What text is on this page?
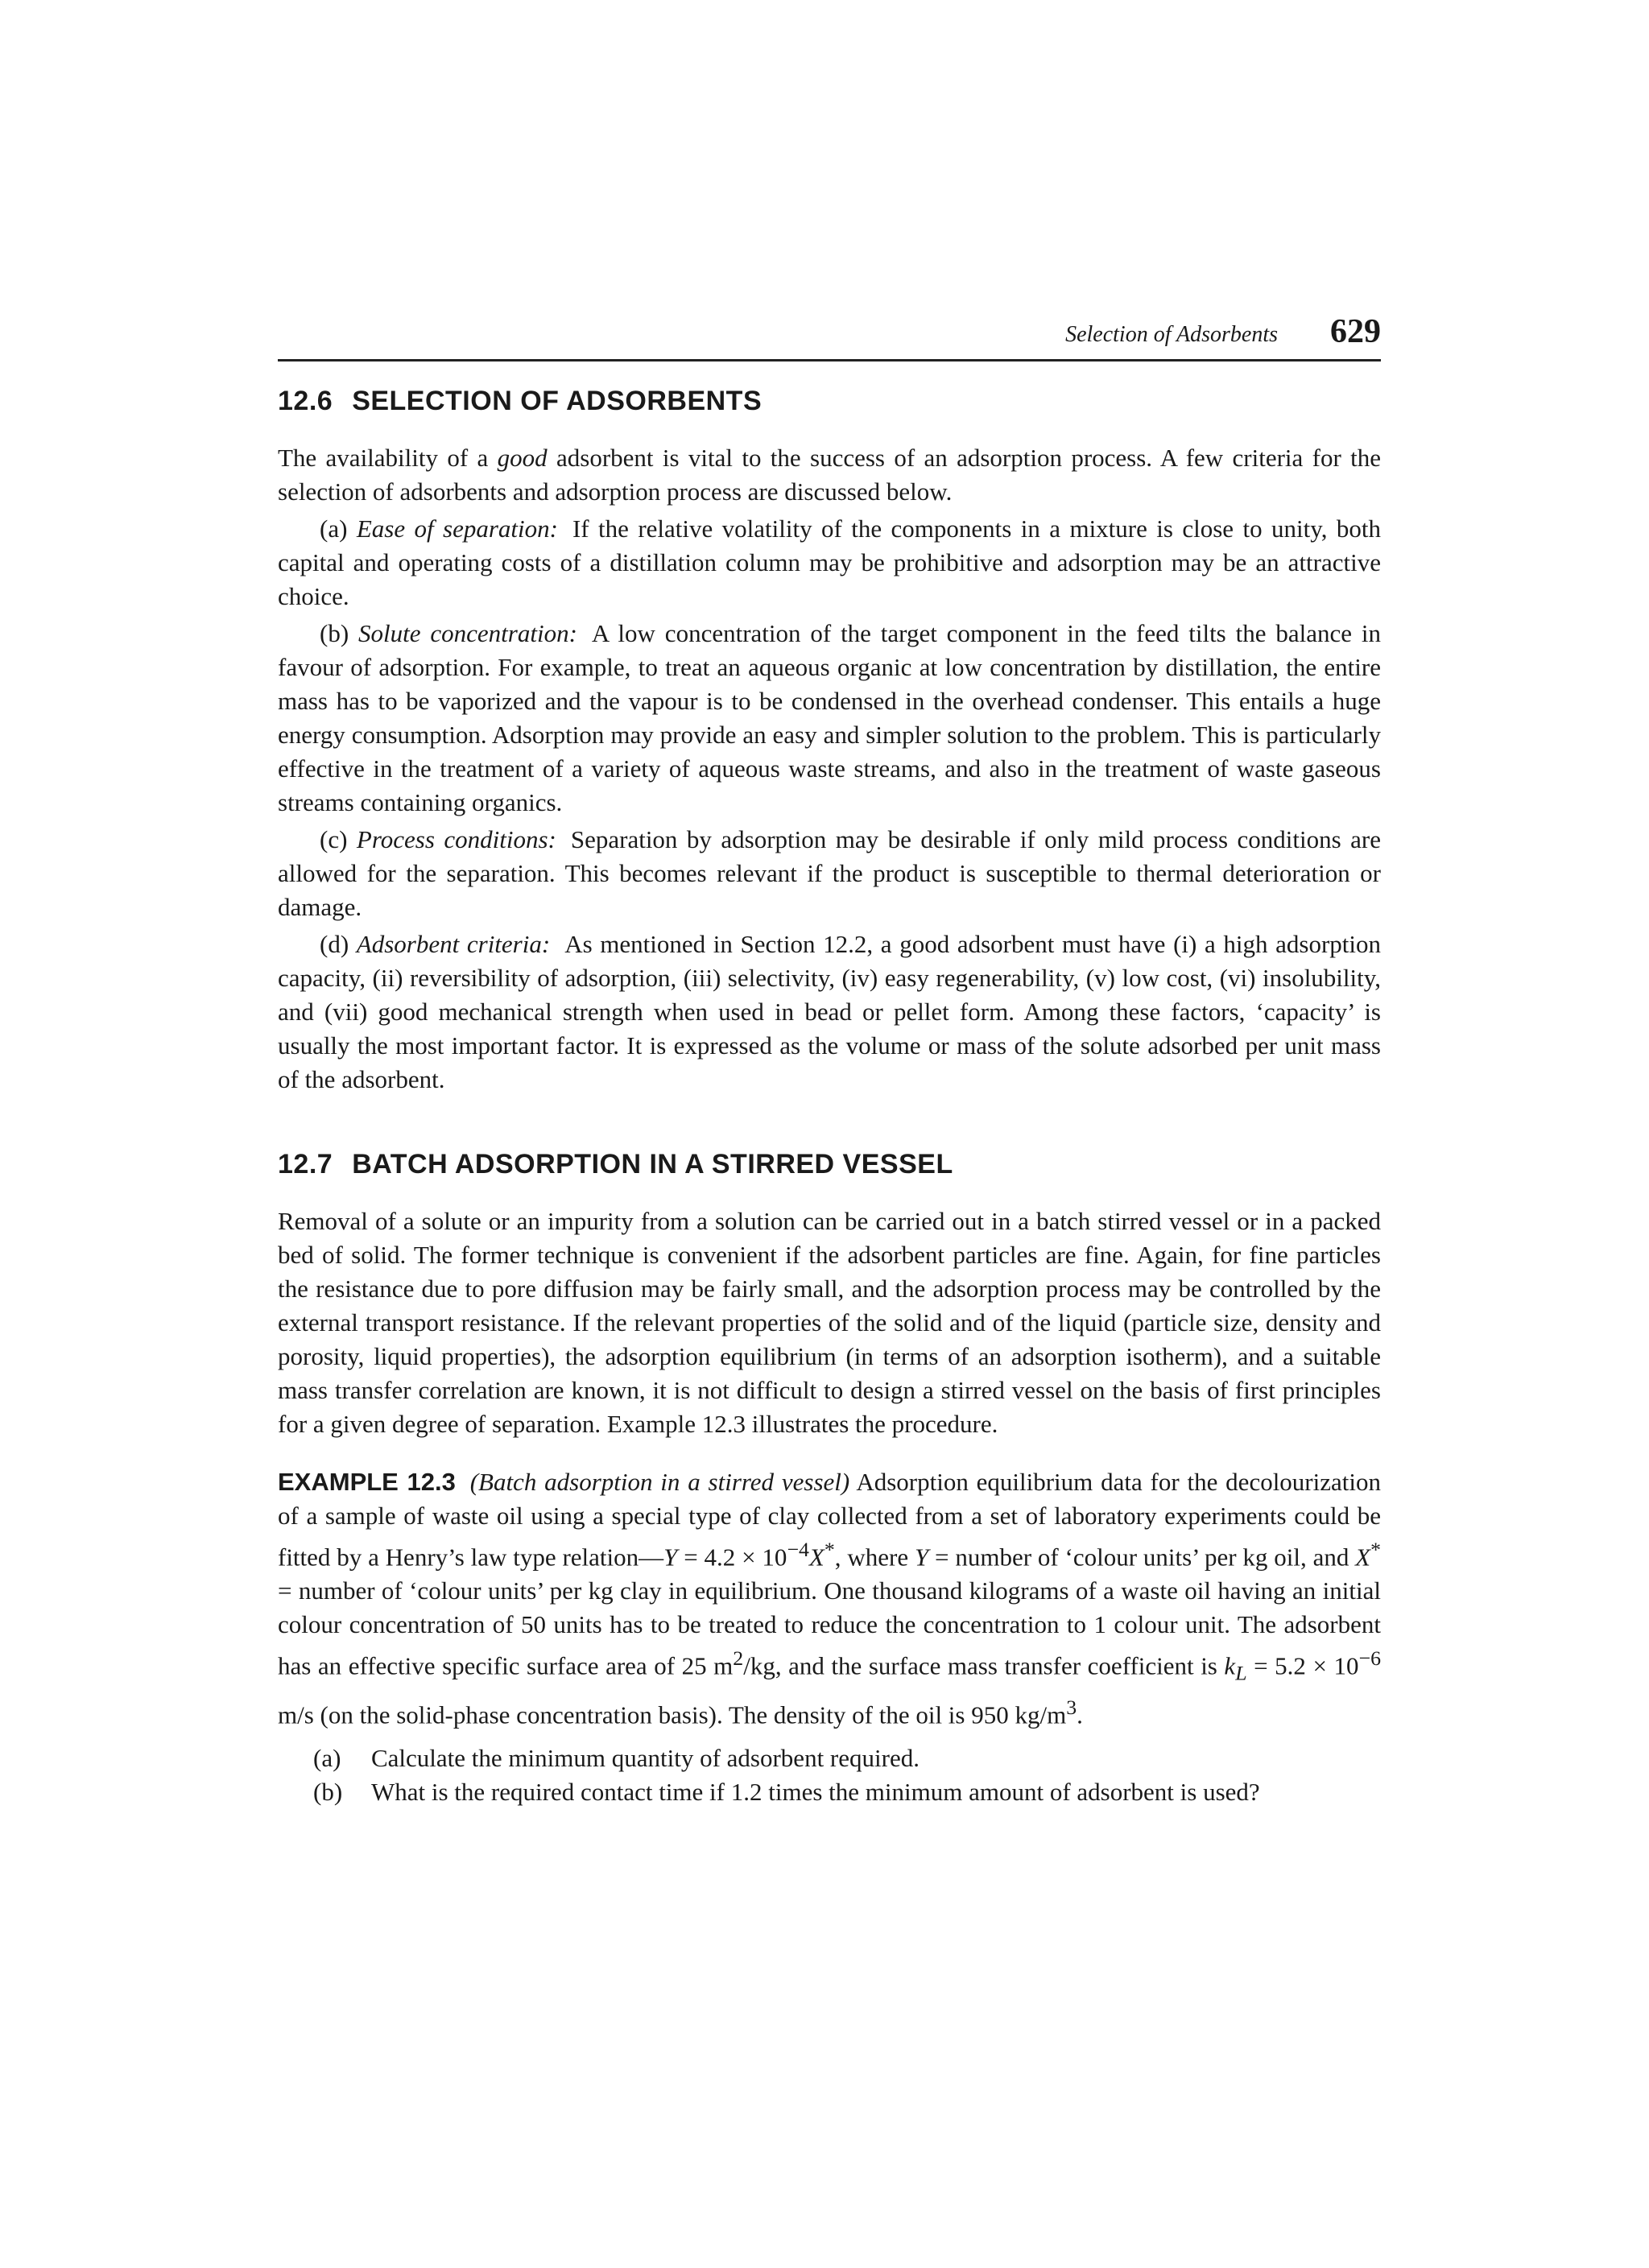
Selection of Adsorbents 629
12.6 SELECTION OF ADSORBENTS

The availability of a good adsorbent is vital to the success of an adsorption process. A few criteria for the selection of adsorbents and adsorption process are discussed below.

(a) Ease of separation: If the relative volatility of the components in a mixture is close to unity, both capital and operating costs of a distillation column may be prohibitive and adsorption may be an attractive choice.

(b) Solute concentration: A low concentration of the target component in the feed tilts the balance in favour of adsorption. For example, to treat an aqueous organic at low concentration by distillation, the entire mass has to be vaporized and the vapour is to be condensed in the overhead condenser. This entails a huge energy consumption. Adsorption may provide an easy and simpler solution to the problem. This is particularly effective in the treatment of a variety of aqueous waste streams, and also in the treatment of waste gaseous streams containing organics.

(c) Process conditions: Separation by adsorption may be desirable if only mild process conditions are allowed for the separation. This becomes relevant if the product is susceptible to thermal deterioration or damage.

(d) Adsorbent criteria: As mentioned in Section 12.2, a good adsorbent must have (i) a high adsorption capacity, (ii) reversibility of adsorption, (iii) selectivity, (iv) easy regenerability, (v) low cost, (vi) insolubility, and (vii) good mechanical strength when used in bead or pellet form. Among these factors, ‘capacity’ is usually the most important factor. It is expressed as the volume or mass of the solute adsorbed per unit mass of the adsorbent.

12.7 BATCH ADSORPTION IN A STIRRED VESSEL

Removal of a solute or an impurity from a solution can be carried out in a batch stirred vessel or in a packed bed of solid. The former technique is convenient if the adsorbent particles are fine. Again, for fine particles the resistance due to pore diffusion may be fairly small, and the adsorption process may be controlled by the external transport resistance. If the relevant properties of the solid and of the liquid (particle size, density and porosity, liquid properties), the adsorption equilibrium (in terms of an adsorption isotherm), and a suitable mass transfer correlation are known, it is not difficult to design a stirred vessel on the basis of first principles for a given degree of separation. Example 12.3 illustrates the procedure.

EXAMPLE 12.3 (Batch adsorption in a stirred vessel) Adsorption equilibrium data for the decolourization of a sample of waste oil using a special type of clay collected from a set of laboratory experiments could be fitted by a Henry’s law type relation—Y = $4.2 \times 10^{-4}X^*$, where Y = number of ‘colour units’ per kg oil, and X* = number of ‘colour units’ per kg clay in equilibrium. One thousand kilograms of a waste oil having an initial colour concentration of 50 units has to be treated to reduce the concentration to 1 colour unit. The adsorbent has an effective specific surface area of 25 $m^2/kg$, and the surface mass transfer coefficient is $k_L = 5.2 \times 10^{-6}$ m/s (on the solid-phase concentration basis). The density of the oil is 950 $kg/m^3$.

(a)	Calculate the minimum quantity of adsorbent required.
(b)	What is the required contact time if 1.2 times the minimum amount of adsorbent is used?
